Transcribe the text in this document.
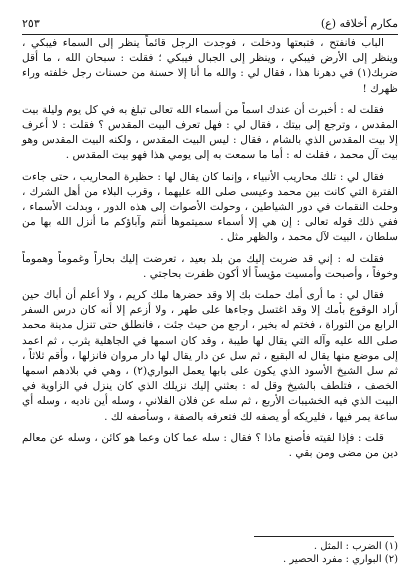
مكارم أخلاقه (ع)
٢٥٣

الباب فانفتح ، فتبعتها ودخلت ، فوجدت الرجل قائماً ينظر إلى السماء فيبكي ، وينظر إلى الأرض فيبكي ، وينظر إلى الجبال فيبكي ؛ فقلت : سبحان الله ، ما أقل ضربك(١) في دهرنا هذا ، فقال لي : والله ما أنا إلا حسنة من حسنات رجل خلفته وراء ظهرك !

فقلت له : أخبرت أن عندك اسماً من أسماء الله تعالى تبلغ به في كل يوم وليلة بيت المقدس ، وترجع إلى بيتك ، فقال لي : فهل تعرف البيت المقدس ؟ فقلت : لا أعرف إلا بيت المقدس الذي بالشام ، فقال : ليس البيت المقدس ، ولكنه البيت المقدس وهو بيت آل محمد ، فقلت له : أما ما سمعت به إلى يومي هذا فهو بيت المقدس .

فقال لي : تلك محاريب الأنبياء ، وإنما كان يقال لها : حظيرة المحاريب ، حتى جاءت الفترة التي كانت بين محمد وعيسى صلى الله عليهما ، وقرب البلاء من أهل الشرك ، وحلت النقمات في دور الشياطين ، وحولت الأصوات إلى هذه الدور ، وبدلت الأسماء ، ففي ذلك قوله تعالى : إن هي إلا أسماء سميتموها أنتم وآباؤكم ما أنزل الله بها من سلطان ، البيت لآل محمد ، والظهر مثل .

فقلت له : إني قد ضربت إليك من بلد بعيد ، تعرضت إليك بحاراً وغموماً وهموماً وخوفاً ، وأصبحت وأمسيت مؤيساً ألا أكون ظفرت بحاجتي .

فقال لي : ما أرى أمك حملت بك إلا وقد حضرها ملك كريم ، ولا أعلم أن أباك حين أراد الوقوع بأمك إلا وقد اغتسل وجاءها على طهر ، ولا أزعم إلا أنه كان درس السفر الرابع من التوراة ، فختم له بخير ، ارجع من حيث جئت ، فانطلق حتى تنزل مدينة محمد صلى الله عليه وآله التي يقال لها طيبة ، وقد كان اسمها في الجاهلية يثرب ، ثم اعمد إلى موضع منها يقال له البقيع ، ثم سل عن دار يقال لها دار مروان فانزلها ، وأقم ثلاثاً ، ثم سل الشيخ الأسود الذي يكون على بابها يعمل البواري(٢) ، وهي في بلادهم اسمها الخصف ، فتلطف بالشيخ وقل له : بعثني إليك نزيلك الذي كان ينزل في الزاوية في البيت الذي فيه الخشيبات الأربع ، ثم سله عن فلان الفلاني ، وسله أين ناديه ، وسله أي ساعة يمر فيها ، فليريكه أو يصفه لك فتعرفه بالصفة ، وسأصفه لك .

قلت : فإذا لقيته فأصنع ماذا ؟ فقال : سله عما كان وعما هو كائن ، وسله عن معالم دين من مضى ومن بقي .

(١) الضرب : المثل .
(٢) البواري : مفرد الحصير .
